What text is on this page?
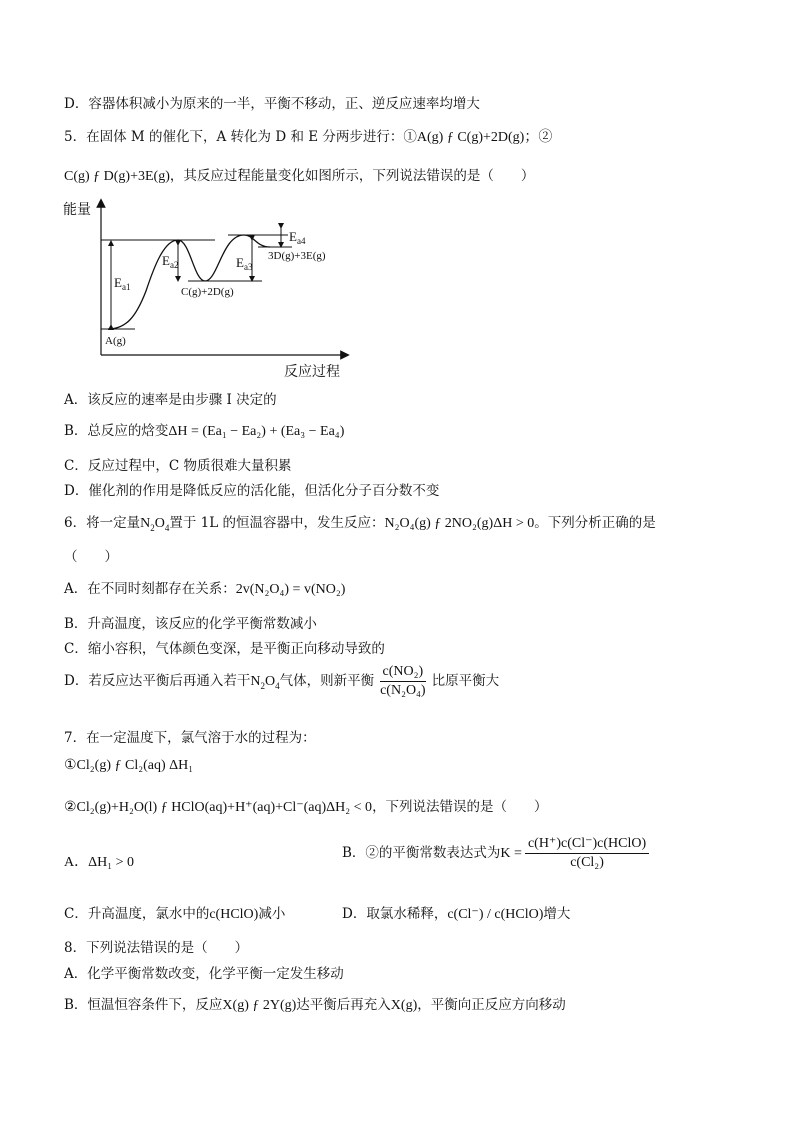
D．容器体积减小为原来的一半，平衡不移动，正、逆反应速率均增大
5．在固体 M 的催化下，A 转化为 D 和 E 分两步进行：①A(g) ƒ C(g)+2D(g)；②
C(g) ƒ D(g)+3E(g)，其反应过程能量变化如图所示，下列说法错误的是（　　）
能量
$E_{a1}$
$E_{a2}$	$E_{a3}$
$E_{a4}$
A(g)
C(g)+2D(g)
3D(g)+3E(g)
反应过程
A．该反应的速率是由步骤 I 决定的
B．总反应的焓变ΔH = (Ea₁ − Ea₂) + (Ea₃ − Ea₄)
C．反应过程中，C 物质很难大量积累
D．催化剂的作用是降低反应的活化能，但活化分子百分数不变
6．将一定量$N_2O_4$置于 1L 的恒温容器中，发生反应：N₂O₄(g) ƒ 2NO₂(g)ΔH > 0。下列分析正确的是
（　　）
A．在不同时刻都存在关系：2v(N₂O₄) = v(NO₂)
B．升高温度，该反应的化学平衡常数减小
C．缩小容积，气体颜色变深，是平衡正向移动导致的
D．若反应达平衡后再通入若干$N_2O_4$气体，则新平衡 $\frac{\text{c(NO₂)}}{\text{c(N₂O₄)}}$ 比原平衡大
7．在一定温度下，氯气溶于水的过程为：
①Cl₂(g) ƒ Cl₂(aq) ΔH₁
②Cl₂(g)+H₂O(l) ƒ HClO(aq)+H⁺(aq)+Cl⁻(aq)ΔH₂ < 0，下列说法错误的是（　　）
A．ΔH₁ > 0
B．②的平衡常数表达式为$K = \frac{\text{c(H⁺)c(Cl⁻)c(HClO)}}{\text{c(Cl₂)}}$
C．升高温度，氯水中的c(HClO)减小	D．取氯水稀释，c(Cl⁻) / c(HClO)增大
8．下列说法错误的是（　　）
A．化学平衡常数改变，化学平衡一定发生移动
B．恒温恒容条件下，反应X(g) ƒ 2Y(g)达平衡后再充入X(g)，平衡向正反应方向移动
